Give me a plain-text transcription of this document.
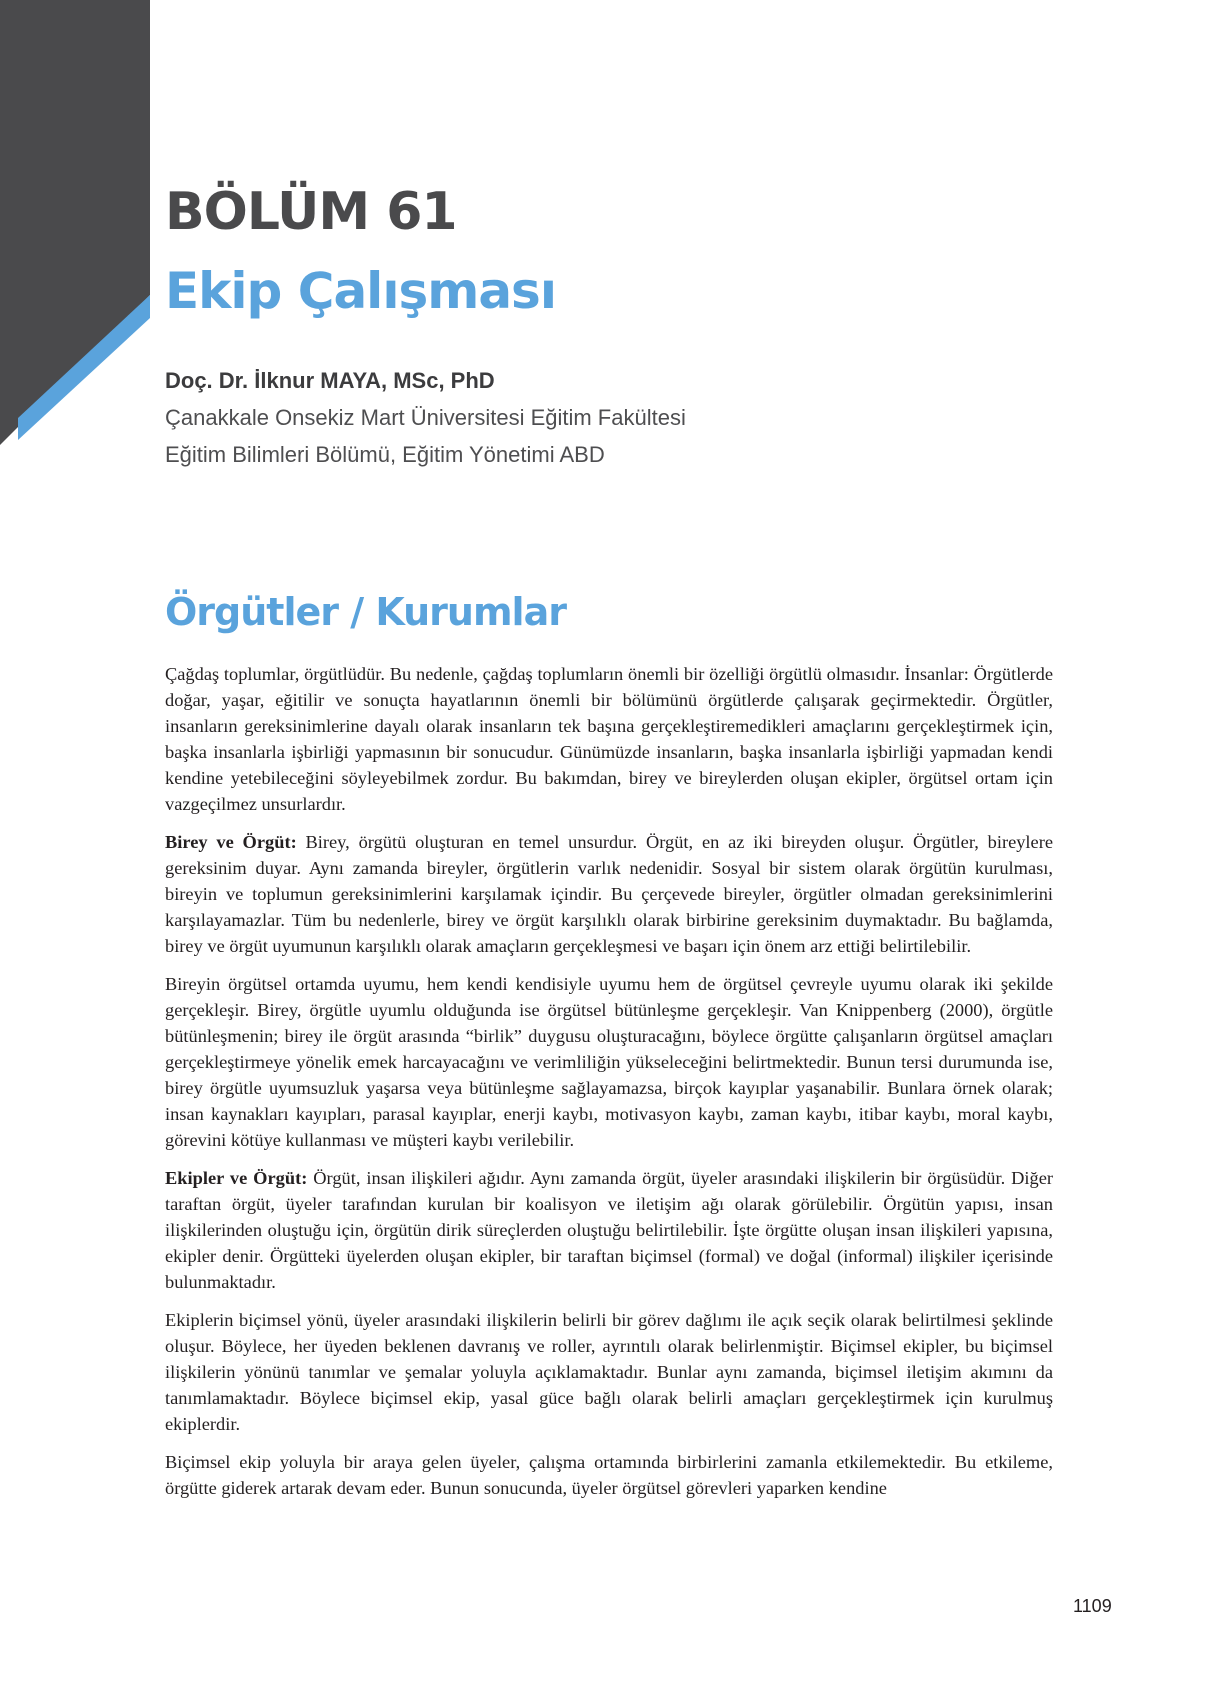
BÖLÜM 61
Ekip Çalışması
Doç. Dr. İlknur MAYA, MSc, PhD
Çanakkale Onsekiz Mart Üniversitesi Eğitim Fakültesi
Eğitim Bilimleri Bölümü, Eğitim Yönetimi ABD
Örgütler / Kurumlar

Çağdaş toplumlar, örgütlüdür. Bu nedenle, çağdaş toplumların önemli bir özelliği örgütlü olmasıdır. İnsanlar: Örgütlerde doğar, yaşar, eğitilir ve sonuçta hayatlarının önemli bir bölümünü örgütlerde çalışarak geçirmektedir. Örgütler, insanların gereksinimlerine dayalı olarak insanların tek başına gerçekleştiremedikleri amaçlarını gerçekleştirmek için, başka insanlarla işbirliği yapmasının bir sonucudur. Günümüzde insanların, başka insanlarla işbirliği yapmadan kendi kendine yetebileceğini söyleyebilmek zordur. Bu bakımdan, birey ve bireylerden oluşan ekipler, örgütsel ortam için vazgeçilmez unsurlardır.

Birey ve Örgüt: Birey, örgütü oluşturan en temel unsurdur. Örgüt, en az iki bireyden oluşur. Örgütler, bireylere gereksinim duyar. Aynı zamanda bireyler, örgütlerin varlık nedenidir. Sosyal bir sistem olarak örgütün kurulması, bireyin ve toplumun gereksinimlerini karşılamak içindir. Bu çerçevede bireyler, örgütler olmadan gereksinimlerini karşılayamazlar. Tüm bu nedenlerle, birey ve örgüt karşılıklı olarak birbirine gereksinim duymaktadır. Bu bağlamda, birey ve örgüt uyumunun karşılıklı olarak amaçların gerçekleşmesi ve başarı için önem arz ettiği belirtilebilir.

Bireyin örgütsel ortamda uyumu, hem kendi kendisiyle uyumu hem de örgütsel çevreyle uyumu olarak iki şekilde gerçekleşir. Birey, örgütle uyumlu olduğunda ise örgütsel bütünleşme gerçekleşir. Van Knippenberg (2000), örgütle bütünleşmenin; birey ile örgüt arasında “birlik” duygusu oluşturacağını, böylece örgütte çalışanların örgütsel amaçları gerçekleştirmeye yönelik emek harcayacağını ve verimliliğin yükseleceğini belirtmektedir. Bunun tersi durumunda ise, birey örgütle uyumsuzluk yaşarsa veya bütünleşme sağlayamazsa, birçok kayıplar yaşanabilir. Bunlara örnek olarak; insan kaynakları kayıpları, parasal kayıplar, enerji kaybı, motivasyon kaybı, zaman kaybı, itibar kaybı, moral kaybı, görevini kötüye kullanması ve müşteri kaybı verilebilir.

Ekipler ve Örgüt: Örgüt, insan ilişkileri ağıdır. Aynı zamanda örgüt, üyeler arasındaki ilişkilerin bir örgüsüdür. Diğer taraftan örgüt, üyeler tarafından kurulan bir koalisyon ve iletişim ağı olarak görülebilir. Örgütün yapısı, insan ilişkilerinden oluştuğu için, örgütün dirik süreçlerden oluştuğu belirtilebilir. İşte örgütte oluşan insan ilişkileri yapısına, ekipler denir. Örgütteki üyelerden oluşan ekipler, bir taraftan biçimsel (formal) ve doğal (informal) ilişkiler içerisinde bulunmaktadır.

Ekiplerin biçimsel yönü, üyeler arasındaki ilişkilerin belirli bir görev dağlımı ile açık seçik olarak belirtilmesi şeklinde oluşur. Böylece, her üyeden beklenen davranış ve roller, ayrıntılı olarak belirlenmiştir. Biçimsel ekipler, bu biçimsel ilişkilerin yönünü tanımlar ve şemalar yoluyla açıklamaktadır. Bunlar aynı zamanda, biçimsel iletişim akımını da tanımlamaktadır. Böylece biçimsel ekip, yasal güce bağlı olarak belirli amaçları gerçekleştirmek için kurulmuş ekiplerdir.

Biçimsel ekip yoluyla bir araya gelen üyeler, çalışma ortamında birbirlerini zamanla etkilemektedir. Bu etkileme, örgütte giderek artarak devam eder. Bunun sonucunda, üyeler örgütsel görevleri yaparken kendine

1109
